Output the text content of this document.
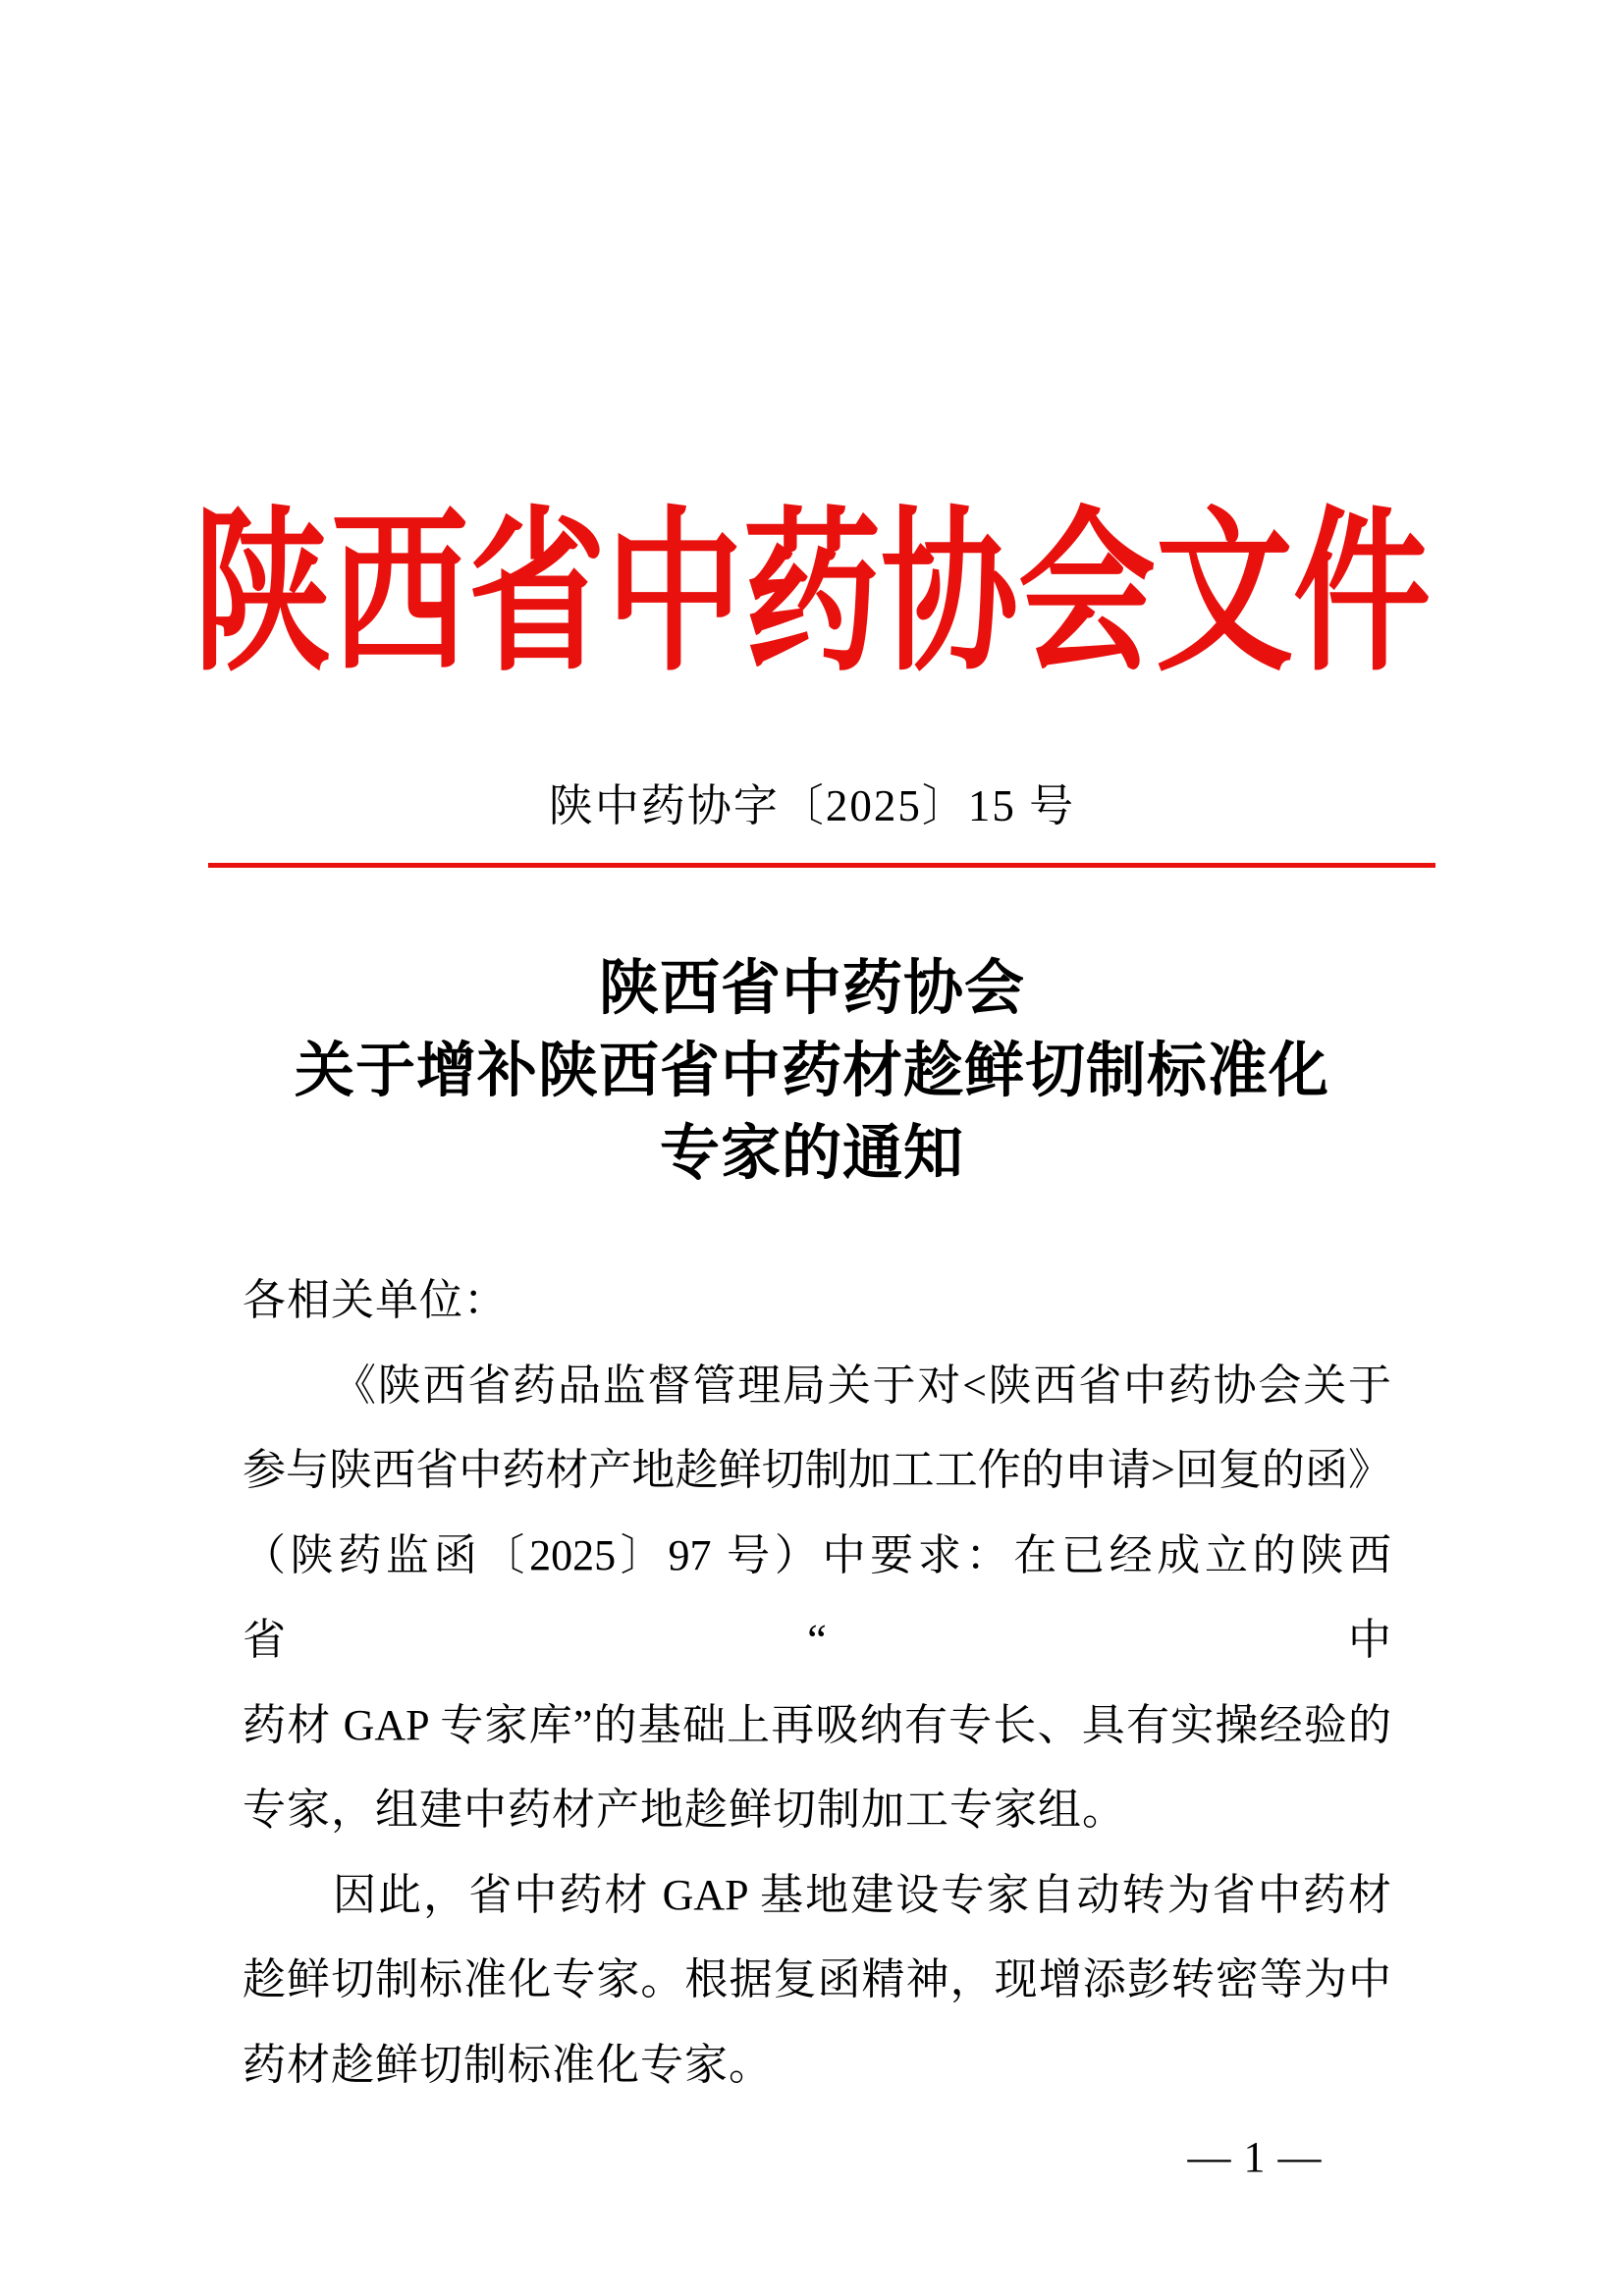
陕西省中药协会文件
陕中药协字〔2025〕15 号
陕西省中药协会
关于增补陕西省中药材趁鲜切制标准化
专家的通知
各相关单位：
《陕西省药品监督管理局关于对<陕西省中药协会关于
参与陕西省中药材产地趁鲜切制加工工作的申请>回复的函》
（陕药监函〔2025〕97 号）中要求：在已经成立的陕西省“中
药材 GAP 专家库”的基础上再吸纳有专长、具有实操经验的
专家，组建中药材产地趁鲜切制加工专家组。
因此，省中药材 GAP 基地建设专家自动转为省中药材
趁鲜切制标准化专家。根据复函精神，现增添彭转密等为中
药材趁鲜切制标准化专家。
— 1 —
